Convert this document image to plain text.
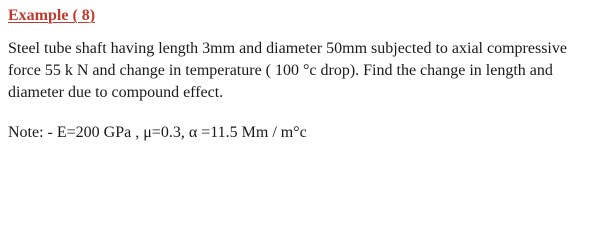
Example ( 8)

Steel tube shaft having length 3mm and diameter 50mm subjected to axial compressive
force 55 k N and change in temperature ( 100 °c drop). Find the change in length and
diameter due to compound effect.

Note: - E=200 GPa , μ=0.3, α =11.5 Mm / m°c
